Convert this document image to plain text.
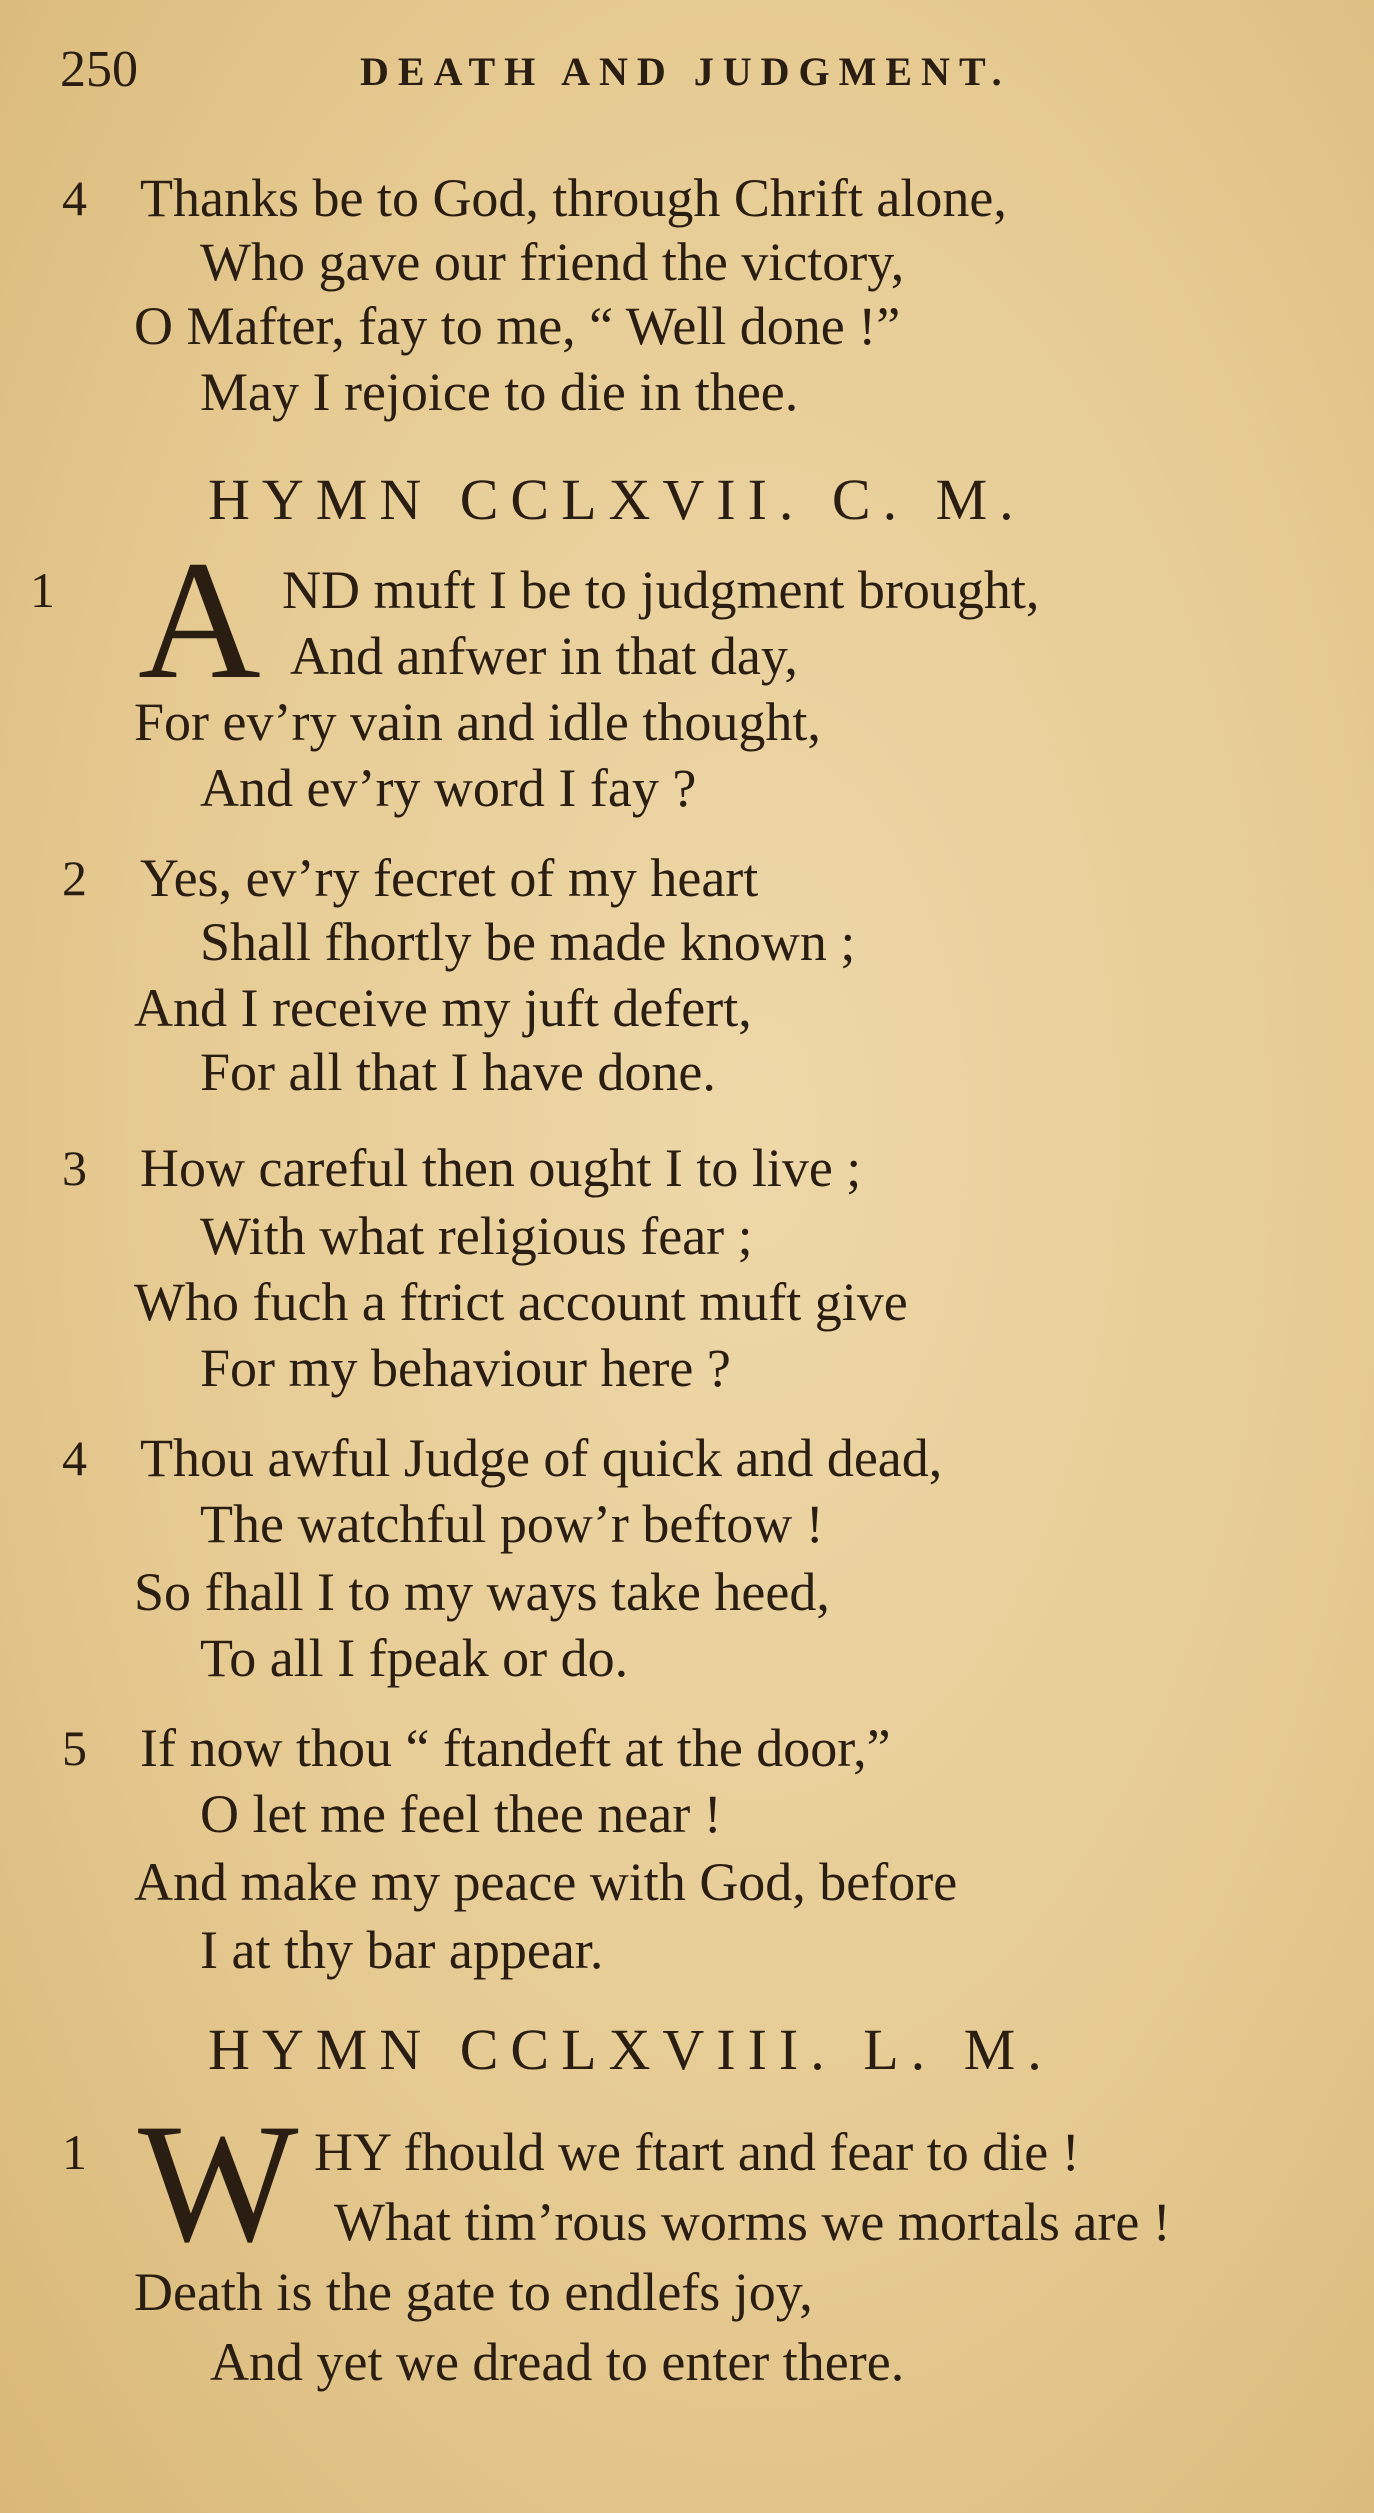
250	DEATH AND JUDGMENT.
4 Thanks be to God, through Chrift alone,
Who gave our friend the victory,
O Mafter, fay to me, “ Well done !”
May I rejoice to die in thee.
HYMN CCLXVII. C. M.
1 A ND muft I be to judgment brought,
And anfwer in that day,
For ev’ry vain and idle thought,
And ev’ry word I fay ?
2 Yes, ev’ry fecret of my heart
Shall fhortly be made known ;
And I receive my juft defert,
For all that I have done.
3 How careful then ought I to live ;
With what religious fear ;
Who fuch a ftrict account muft give
For my behaviour here ?
4 Thou awful Judge of quick and dead,
The watchful pow’r beftow !
So fhall I to my ways take heed,
To all I fpeak or do.
5 If now thou “ ftandeft at the door,”
O let me feel thee near !
And make my peace with God, before
I at thy bar appear.
HYMN CCLXVIII. L. M.
1 W HY fhould we ftart and fear to die !
What tim’rous worms we mortals are !
Death is the gate to endlefs joy,
And yet we dread to enter there.
